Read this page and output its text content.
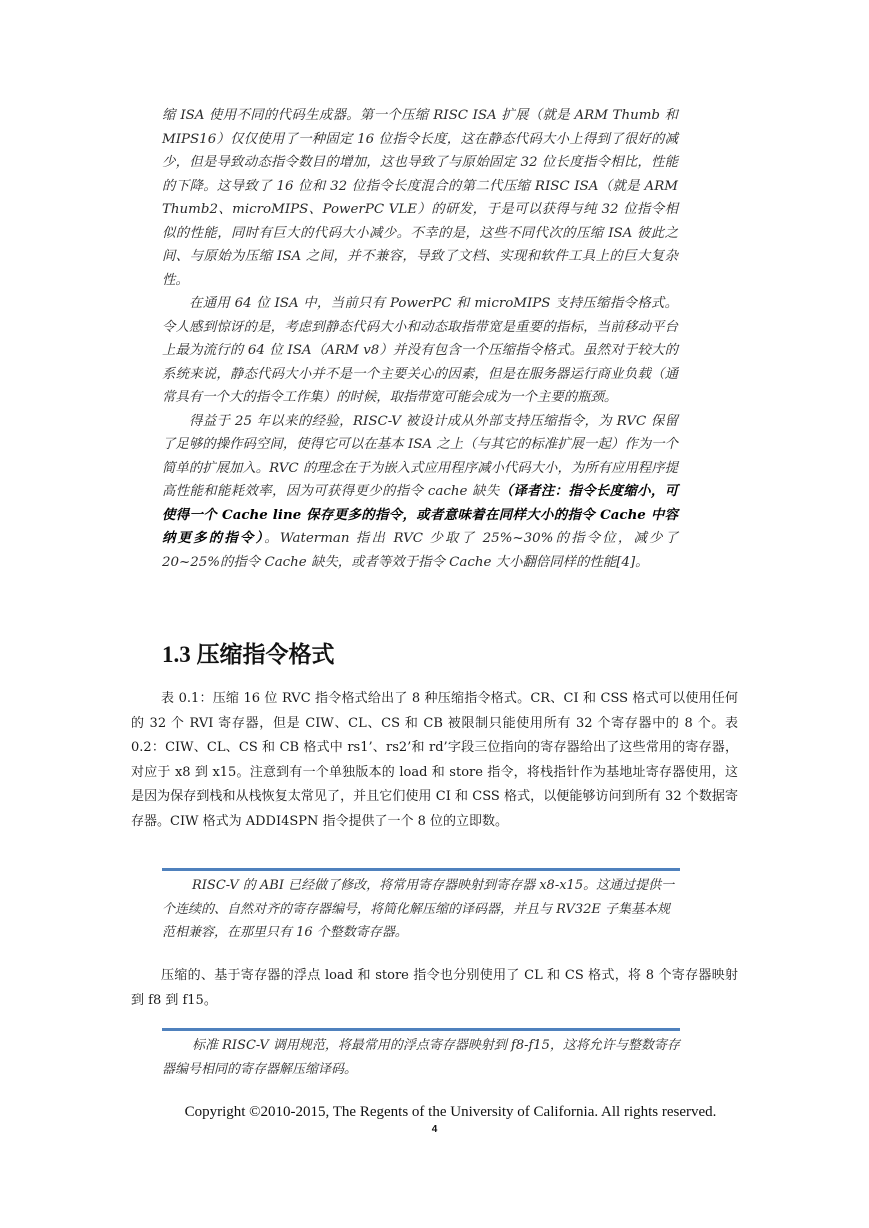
缩 ISA 使用不同的代码生成器。第一个压缩 RISC ISA 扩展（就是 ARM Thumb 和 MIPS16）仅仅使用了一种固定 16 位指令长度，这在静态代码大小上得到了很好的减少，但是导致动态指令数目的增加，这也导致了与原始固定 32 位长度指令相比，性能的下降。这导致了 16 位和 32 位指令长度混合的第二代压缩 RISC ISA（就是 ARM Thumb2、microMIPS、PowerPC VLE）的研发，于是可以获得与纯 32 位指令相似的性能，同时有巨大的代码大小减少。不幸的是，这些不同代次的压缩 ISA 彼此之间、与原始为压缩 ISA 之间，并不兼容，导致了文档、实现和软件工具上的巨大复杂性。

在通用 64 位 ISA 中，当前只有 PowerPC 和 microMIPS 支持压缩指令格式。令人感到惊讶的是，考虑到静态代码大小和动态取指带宽是重要的指标，当前移动平台上最为流行的 64 位 ISA（ARM v8）并没有包含一个压缩指令格式。虽然对于较大的系统来说，静态代码大小并不是一个主要关心的因素，但是在服务器运行商业负载（通常具有一个大的指令工作集）的时候，取指带宽可能会成为一个主要的瓶颈。

得益于 25 年以来的经验，RISC-V 被设计成从外部支持压缩指令，为 RVC 保留了足够的操作码空间，使得它可以在基本 ISA 之上（与其它的标准扩展一起）作为一个简单的扩展加入。RVC 的理念在于为嵌入式应用程序减小代码大小，为所有应用程序提高性能和能耗效率，因为可获得更少的指令 cache 缺失（译者注：指令长度缩小，可使得一个 Cache line 保存更多的指令，或者意味着在同样大小的指令 Cache 中容纳更多的指令）。Waterman 指出 RVC 少取了 25%~30%的指令位，减少了 20~25%的指令 Cache 缺失，或者等效于指令 Cache 大小翻倍同样的性能[4]。

1.3 压缩指令格式

表 0.1：压缩 16 位 RVC 指令格式给出了 8 种压缩指令格式。CR、CI 和 CSS 格式可以使用任何的 32 个 RVI 寄存器，但是 CIW、CL、CS 和 CB 被限制只能使用所有 32 个寄存器中的 8 个。表 0.2：CIW、CL、CS 和 CB 格式中 rs1’、rs2’和 rd’字段三位指向的寄存器给出了这些常用的寄存器，对应于 x8 到 x15。注意到有一个单独版本的 load 和 store 指令，将栈指针作为基地址寄存器使用，这是因为保存到栈和从栈恢复太常见了，并且它们使用 CI 和 CSS 格式，以便能够访问到所有 32 个数据寄存器。CIW 格式为 ADDI4SPN 指令提供了一个 8 位的立即数。

RISC-V 的 ABI 已经做了修改，将常用寄存器映射到寄存器 x8-x15。这通过提供一个连续的、自然对齐的寄存器编号，将简化解压缩的译码器，并且与 RV32E 子集基本规范相兼容，在那里只有 16 个整数寄存器。

压缩的、基于寄存器的浮点 load 和 store 指令也分别使用了 CL 和 CS 格式，将 8 个寄存器映射到 f8 到 f15。

标准 RISC-V 调用规范，将最常用的浮点寄存器映射到 f8-f15，这将允许与整数寄存器编号相同的寄存器解压缩译码。

Copyright ©2010-2015, The Regents of the University of California. All rights reserved.

4
